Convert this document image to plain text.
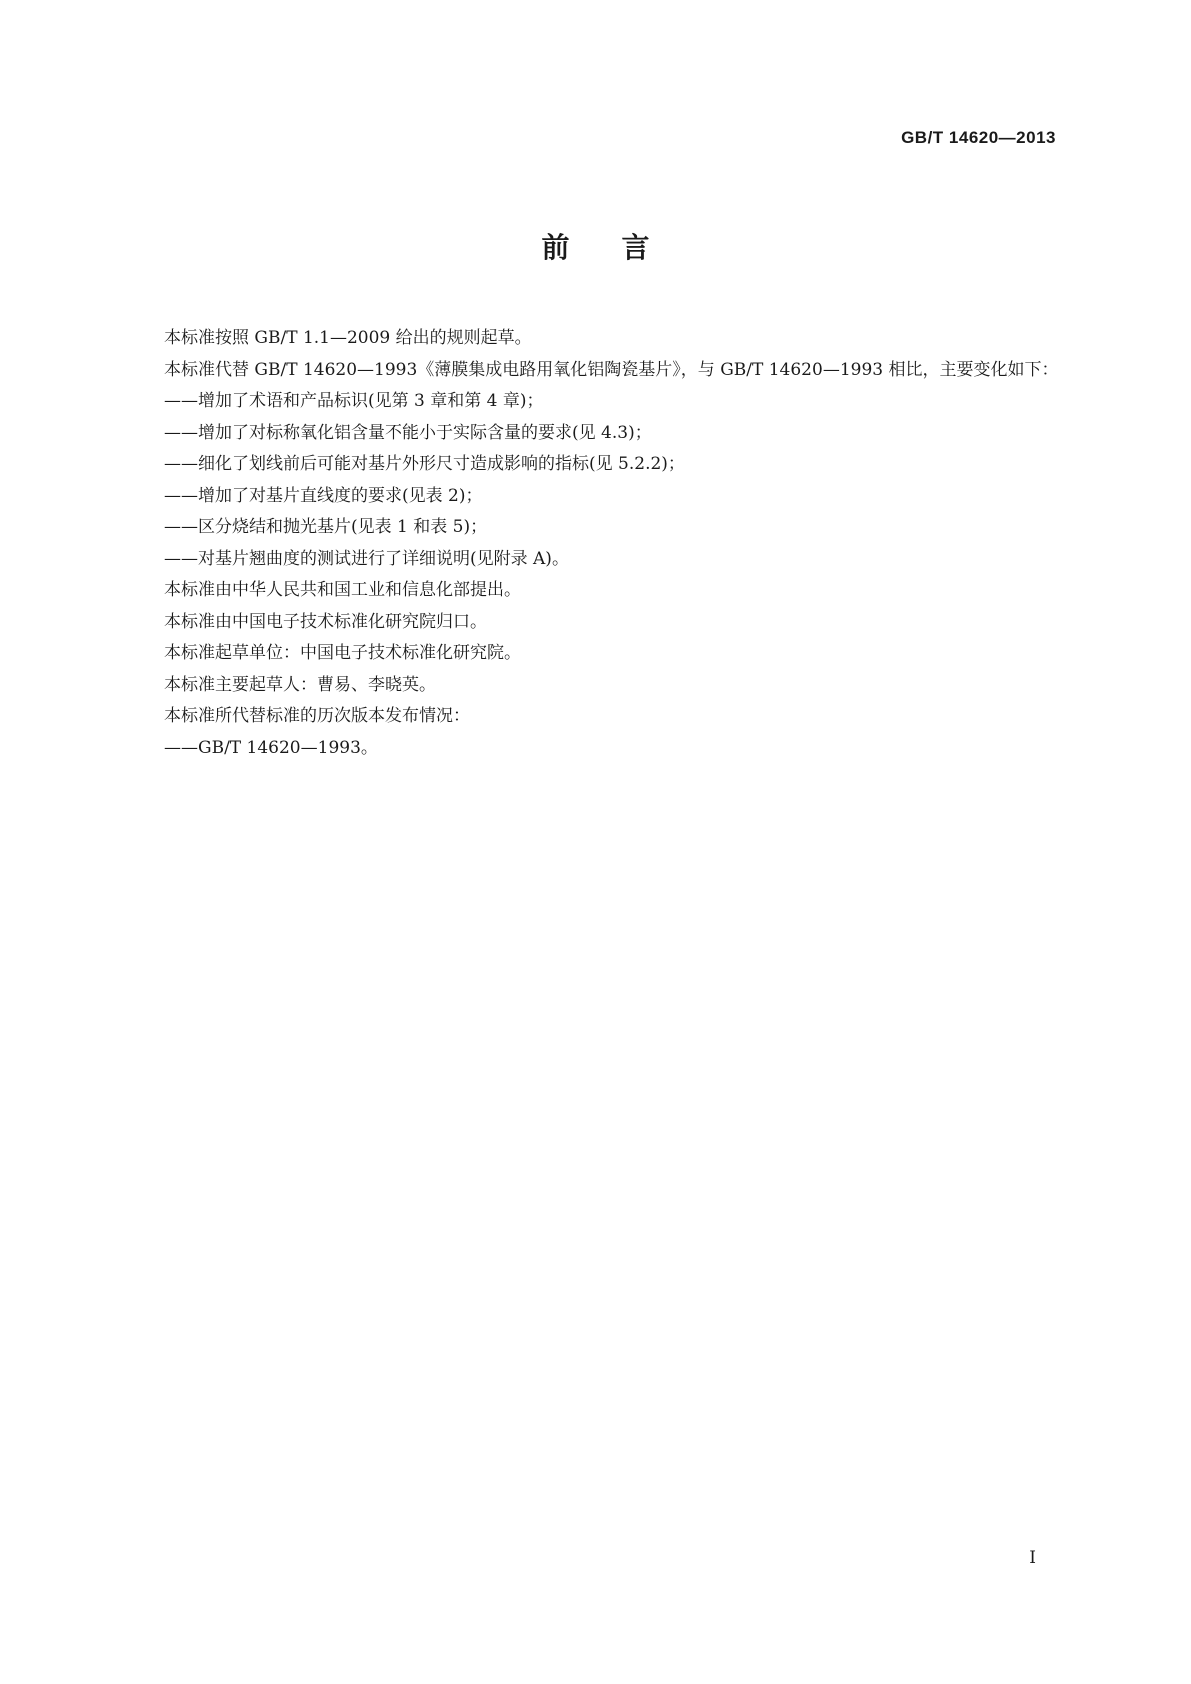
GB/T 14620—2013
前言

本标准按照 GB/T 1.1—2009 给出的规则起草。

本标准代替 GB/T 14620—1993《薄膜集成电路用氧化铝陶瓷基片》，与 GB/T 14620—1993 相比，主要变化如下：

——增加了术语和产品标识(见第 3 章和第 4 章)；

——增加了对标称氧化铝含量不能小于实际含量的要求(见 4.3)；

——细化了划线前后可能对基片外形尺寸造成影响的指标(见 5.2.2)；

——增加了对基片直线度的要求(见表 2)；

——区分烧结和抛光基片(见表 1 和表 5)；

——对基片翘曲度的测试进行了详细说明(见附录 A)。

本标准由中华人民共和国工业和信息化部提出。

本标准由中国电子技术标准化研究院归口。

本标准起草单位：中国电子技术标准化研究院。

本标准主要起草人：曹易、李晓英。

本标准所代替标准的历次版本发布情况：

——GB/T 14620—1993。

I
